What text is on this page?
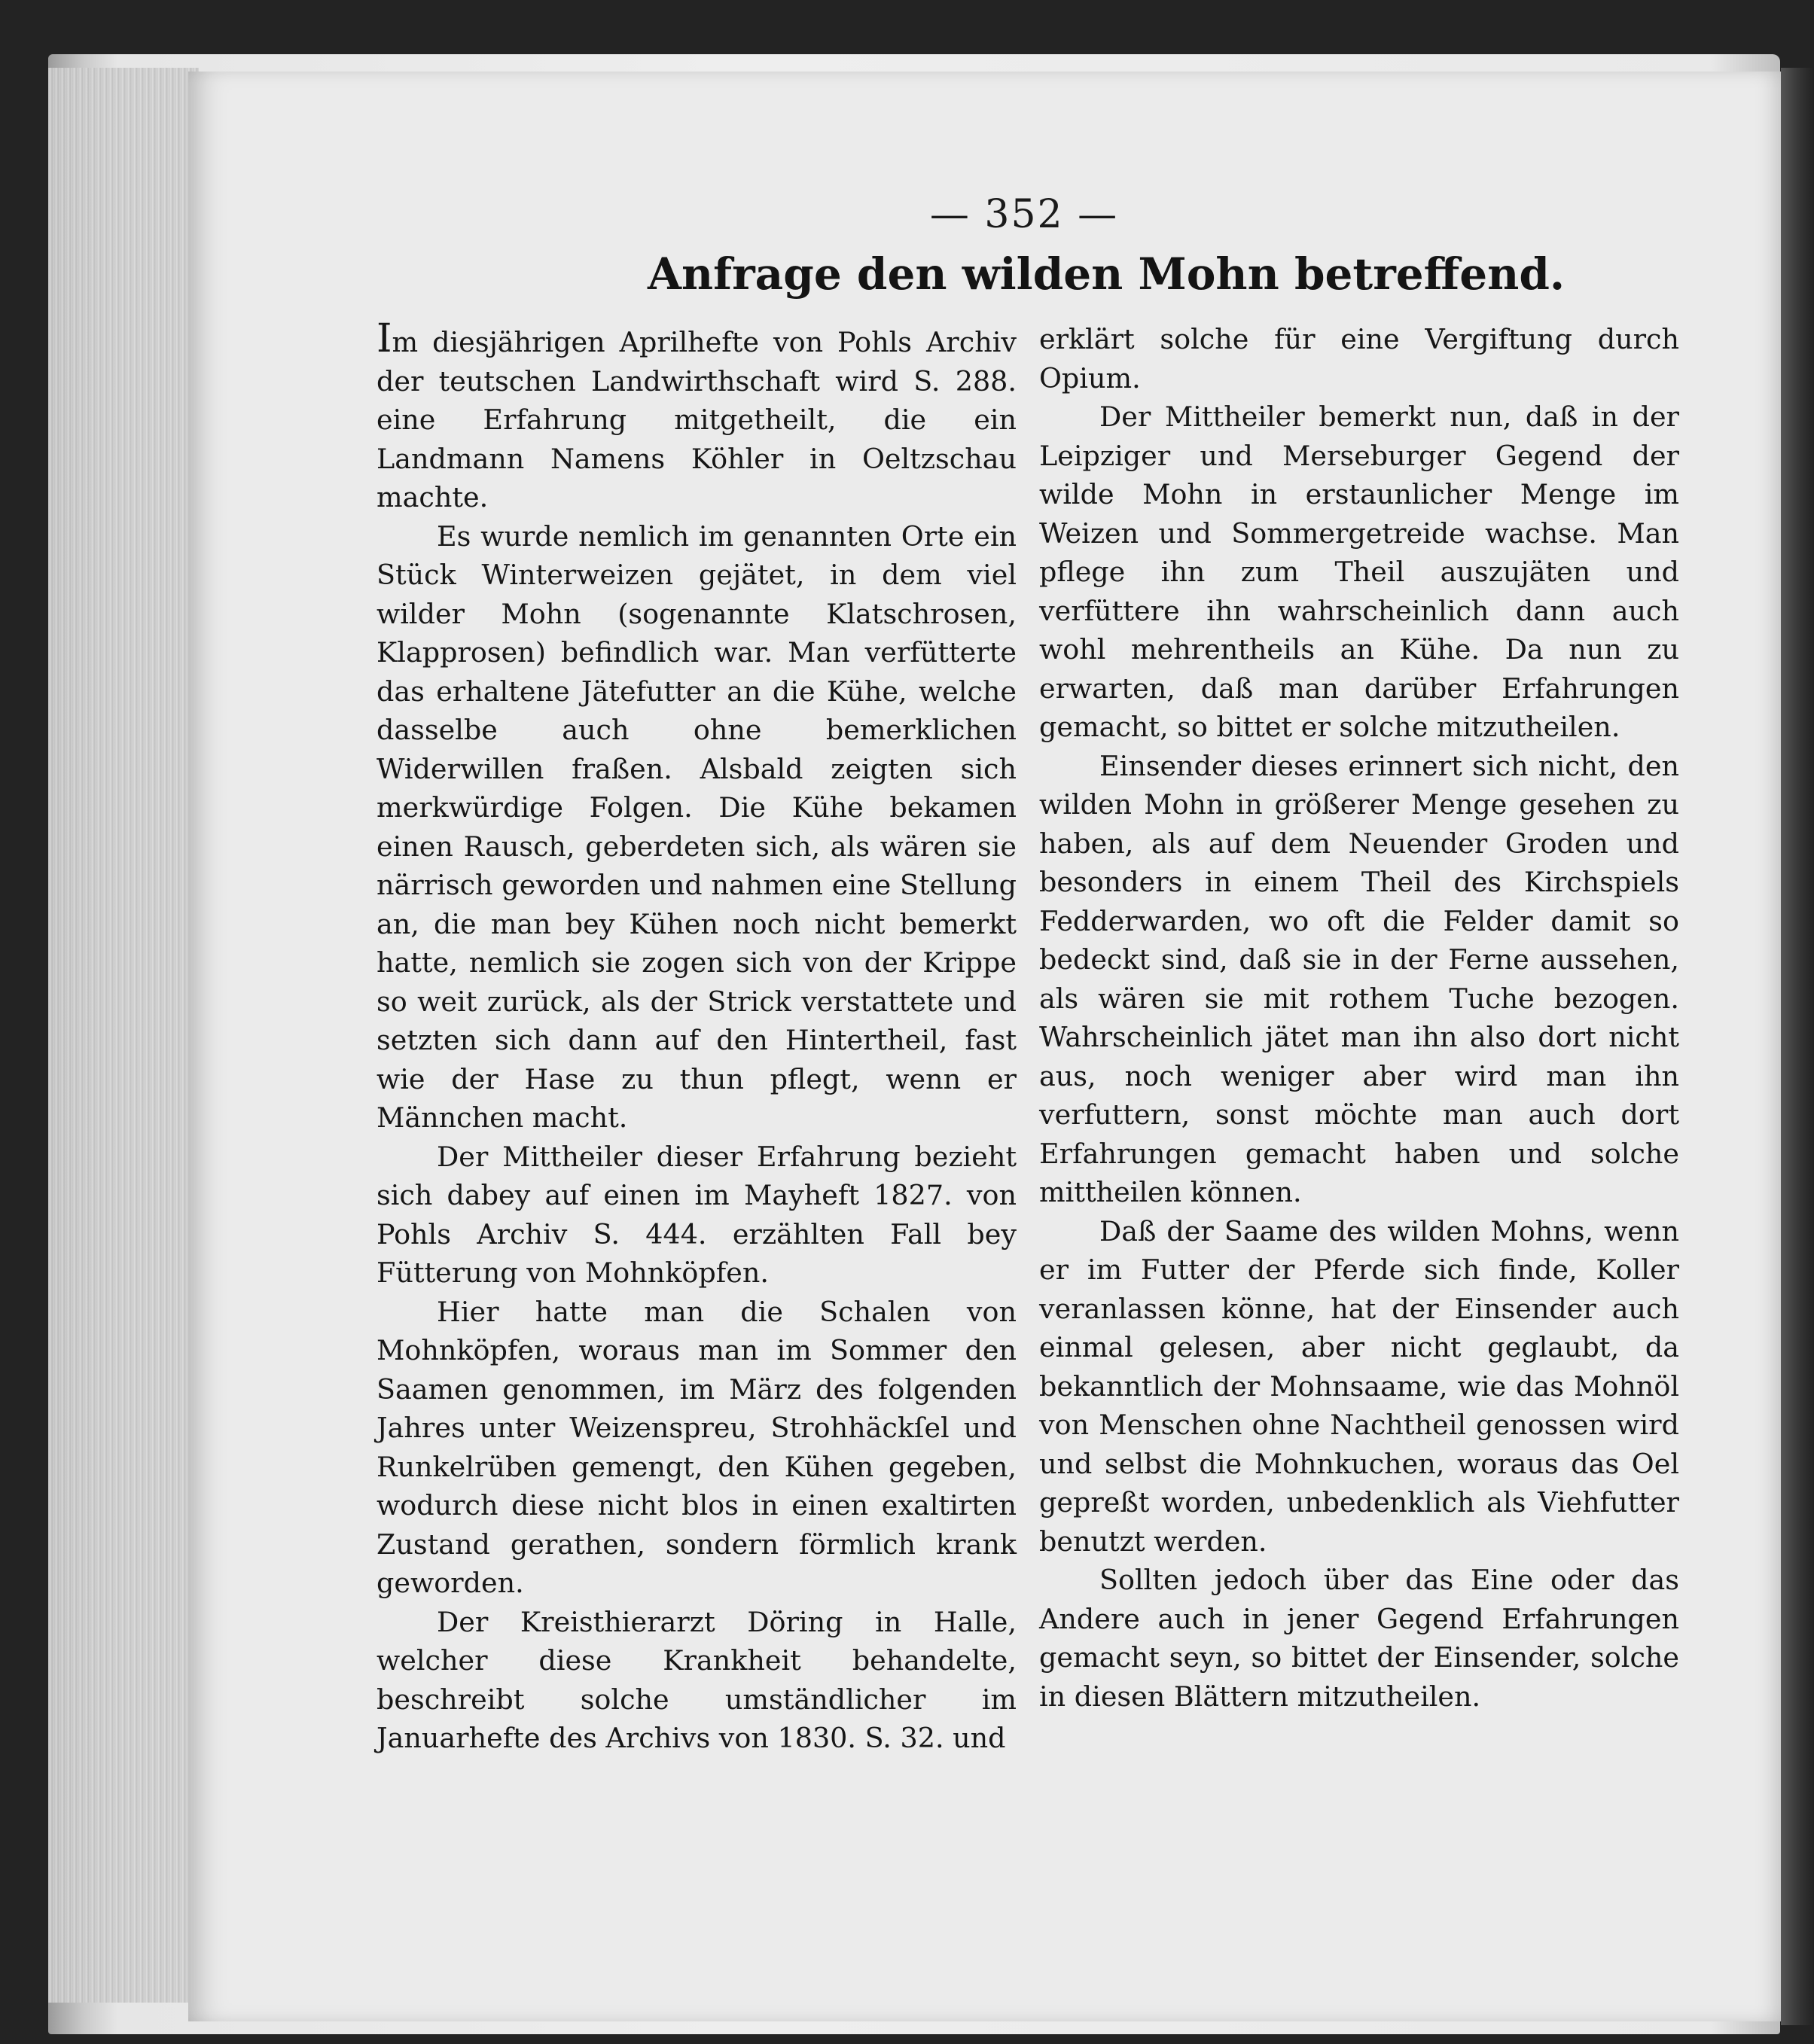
— 352 —
Anfrage den wilden Mohn betreffend.

Im diesjährigen Aprilhefte von Pohls Archiv der teutschen Landwirthschaft wird S. 288. eine Erfahrung mitgetheilt, die ein Landmann Namens Köhler in Oeltzschau machte.

Es wurde nemlich im genannten Orte ein Stück Winterweizen gejätet, in dem viel wilder Mohn (sogenannte Klatschrosen, Klapprosen) befindlich war. Man verfütterte das erhaltene Jätefutter an die Kühe, welche dasselbe auch ohne bemerklichen Widerwillen fraßen. Alsbald zeigten sich merkwürdige Folgen. Die Kühe bekamen einen Rausch, geberdeten sich, als wären sie närrisch geworden und nahmen eine Stellung an, die man bey Kühen noch nicht bemerkt hatte, nemlich sie zogen sich von der Krippe so weit zurück, als der Strick verstattete und setzten sich dann auf den Hintertheil, fast wie der Hase zu thun pflegt, wenn er Männchen macht.

Der Mittheiler dieser Erfahrung bezieht sich dabey auf einen im Mayheft 1827. von Pohls Archiv S. 444. erzählten Fall bey Fütterung von Mohnköpfen.

Hier hatte man die Schalen von Mohnköpfen, woraus man im Sommer den Saamen genommen, im März des folgenden Jahres unter Weizenspreu, Strohhäckſel und Runkelrüben gemengt, den Kühen gegeben, wodurch diese nicht blos in einen exaltirten Zustand gerathen, sondern förmlich krank geworden.

Der Kreisthierarzt Döring in Halle, welcher diese Krankheit behandelte, beschreibt solche umständlicher im Januarhefte des Archivs von 1830. S. 32. und

erklärt solche für eine Vergiftung durch Opium.

Der Mittheiler bemerkt nun, daß in der Leipziger und Merseburger Gegend der wilde Mohn in erstaunlicher Menge im Weizen und Sommergetreide wachse. Man pflege ihn zum Theil auszujäten und verfüttere ihn wahrscheinlich dann auch wohl mehrentheils an Kühe. Da nun zu erwarten, daß man darüber Erfahrungen gemacht, so bittet er solche mitzutheilen.

Einsender dieses erinnert sich nicht, den wilden Mohn in größerer Menge gesehen zu haben, als auf dem Neuender Groden und besonders in einem Theil des Kirchspiels Fedderwarden, wo oft die Felder damit so bedeckt sind, daß sie in der Ferne aussehen, als wären sie mit rothem Tuche bezogen. Wahrscheinlich jätet man ihn also dort nicht aus, noch weniger aber wird man ihn verfuttern, sonst möchte man auch dort Erfahrungen gemacht haben und solche mittheilen können.

Daß der Saame des wilden Mohns, wenn er im Futter der Pferde sich finde, Koller veranlassen könne, hat der Einsender auch einmal gelesen, aber nicht geglaubt, da bekanntlich der Mohnsaame, wie das Mohnöl von Menschen ohne Nachtheil genossen wird und selbst die Mohnkuchen, woraus das Oel gepreßt worden, unbedenklich als Viehfutter benutzt werden.

Sollten jedoch über das Eine oder das Andere auch in jener Gegend Erfahrungen gemacht seyn, so bittet der Einsender, solche in diesen Blättern mitzutheilen.
